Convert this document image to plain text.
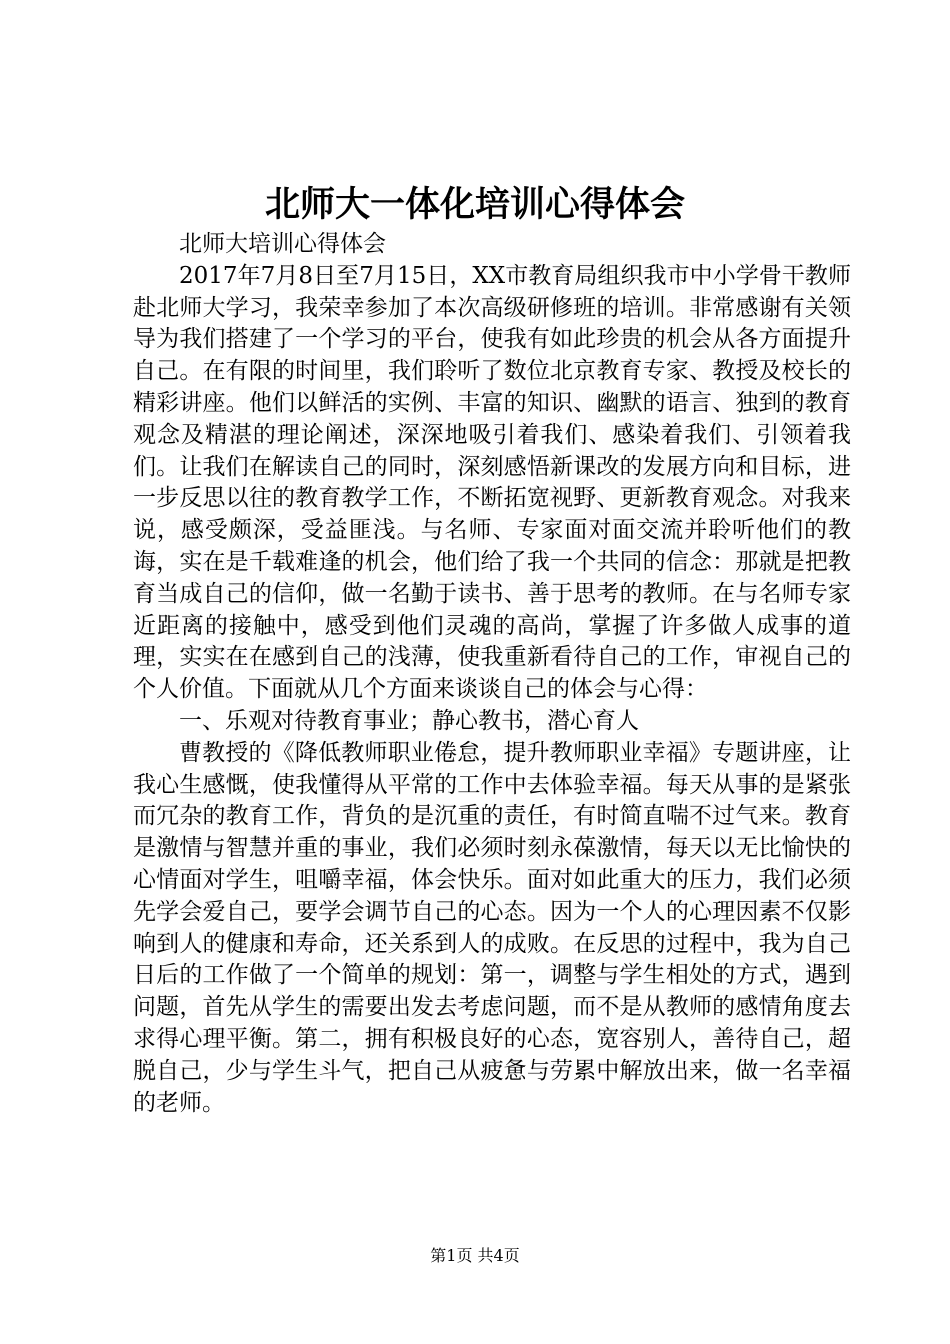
北师大一体化培训心得体会

北师大培训心得体会

2017年7月8日至7月15日，XX市教育局组织我市中小学骨干教师赴北师大学习，我荣幸参加了本次高级研修班的培训。非常感谢有关领导为我们搭建了一个学习的平台，使我有如此珍贵的机会从各方面提升自己。在有限的时间里，我们聆听了数位北京教育专家、教授及校长的精彩讲座。他们以鲜活的实例、丰富的知识、幽默的语言、独到的教育观念及精湛的理论阐述，深深地吸引着我们、感染着我们、引领着我们。让我们在解读自己的同时，深刻感悟新课改的发展方向和目标，进一步反思以往的教育教学工作，不断拓宽视野、更新教育观念。对我来说，感受颇深，受益匪浅。与名师、专家面对面交流并聆听他们的教诲，实在是千载难逢的机会，他们给了我一个共同的信念：那就是把教育当成自己的信仰，做一名勤于读书、善于思考的教师。在与名师专家近距离的接触中，感受到他们灵魂的高尚，掌握了许多做人成事的道理，实实在在感到自己的浅薄，使我重新看待自己的工作，审视自己的个人价值。下面就从几个方面来谈谈自己的体会与心得：

一、乐观对待教育事业；静心教书，潜心育人

曹教授的《降低教师职业倦怠，提升教师职业幸福》专题讲座，让我心生感慨，使我懂得从平常的工作中去体验幸福。每天从事的是紧张而冗杂的教育工作，背负的是沉重的责任，有时简直喘不过气来。教育是激情与智慧并重的事业，我们必须时刻永葆激情，每天以无比愉快的心情面对学生，咀嚼幸福，体会快乐。面对如此重大的压力，我们必须先学会爱自己，要学会调节自己的心态。因为一个人的心理因素不仅影响到人的健康和寿命，还关系到人的成败。在反思的过程中，我为自己日后的工作做了一个简单的规划：第一，调整与学生相处的方式，遇到问题，首先从学生的需要出发去考虑问题，而不是从教师的感情角度去求得心理平衡。第二，拥有积极良好的心态，宽容别人，善待自己，超脱自己，少与学生斗气，把自己从疲惫与劳累中解放出来，做一名幸福的老师。

第1页 共4页
